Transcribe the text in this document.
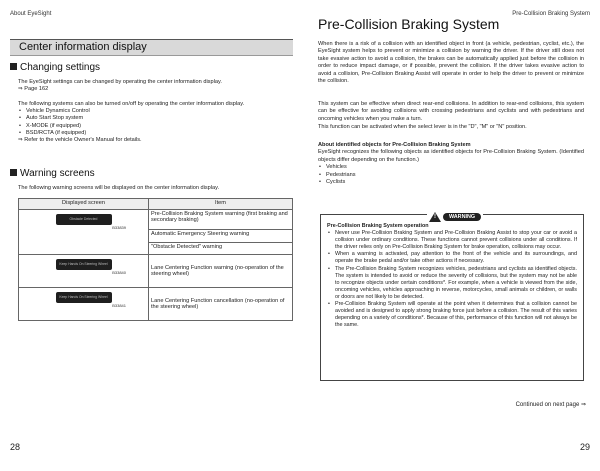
About EyeSight
Center information display
Changing settings
The EyeSight settings can be changed by operating the center information display.
⇒ Page 162
The following systems can also be turned on/off by operating the center information display.
• Vehicle Dynamics Control
• Auto Start Stop system
• X-MODE (if equipped)
• BSD/RCTA (if equipped)
⇒ Refer to the vehicle Owner's Manual for details.
Warning screens
The following warning screens will be displayed on the center information display.
Displayed screen	Item

Obstacle Detected
B33839	Pre-Collision Braking System warning (first braking and secondary braking)
	Automatic Emergency Steering warning
	"Obstacle Detected" warning

Keep Hands On Steering Wheel
B33840	Lane Centering Function warning (no-operation of the steering wheel)

Keep Hands On Steering Wheel
B33841	Lane Centering Function cancellation (no-operation of the steering wheel)
28
Pre-Collision Braking System
Pre-Collision Braking System
When there is a risk of a collision with an identified object in front (a vehicle, pedestrian, cyclist, etc.), the EyeSight system helps to prevent or minimize a collision by warning the driver. If the driver still does not take evasive action to avoid a collision, the brakes can be automatically applied just before the collision in order to reduce impact damage, or if possible, prevent the collision. If the driver takes evasive action to avoid a collision, Pre-Collision Braking Assist will operate in order to help the driver to prevent or minimize the collision.
This system can be effective when direct rear-end collisions. In addition to rear-end collisions, this system can be effective for avoiding collisions with crossing pedestrians and cyclists and with pedestrians and oncoming vehicles when you make a turn.
This function can be activated when the select lever is in the "D", "M" or "N" position.
About identified objects for Pre-Collision Braking System
EyeSight recognizes the following objects as identified objects for Pre-Collision Braking System. (Identified objects differ depending on the function.)
• Vehicles
• Pedestrians
• Cyclists
! WARNING
Pre-Collision Braking System operation
• Never use Pre-Collision Braking System and Pre-Collision Braking Assist to stop your car or avoid a collision under ordinary conditions. These functions cannot prevent collisions under all conditions. If the driver relies only on Pre-Collision Braking System for brake operation, collisions may occur.
• When a warning is activated, pay attention to the front of the vehicle and its surroundings, and operate the brake pedal and/or take other actions if necessary.
• The Pre-Collision Braking System recognizes vehicles, pedestrians and cyclists as identified objects. The system is intended to avoid or reduce the severity of collisions, but the system may not be able to recognize objects under certain conditions*. For example, when a vehicle is viewed from the side, oncoming vehicles, vehicles approaching in reverse, motorcycles, small animals or children, or walls or doors are not likely to be detected.
• Pre-Collision Braking System will operate at the point when it determines that a collision cannot be avoided and is designed to apply strong braking force just before a collision. The result of this varies depending on a variety of conditions*. Because of this, performance of this function will not always be the same.
Continued on next page ⇒
29
